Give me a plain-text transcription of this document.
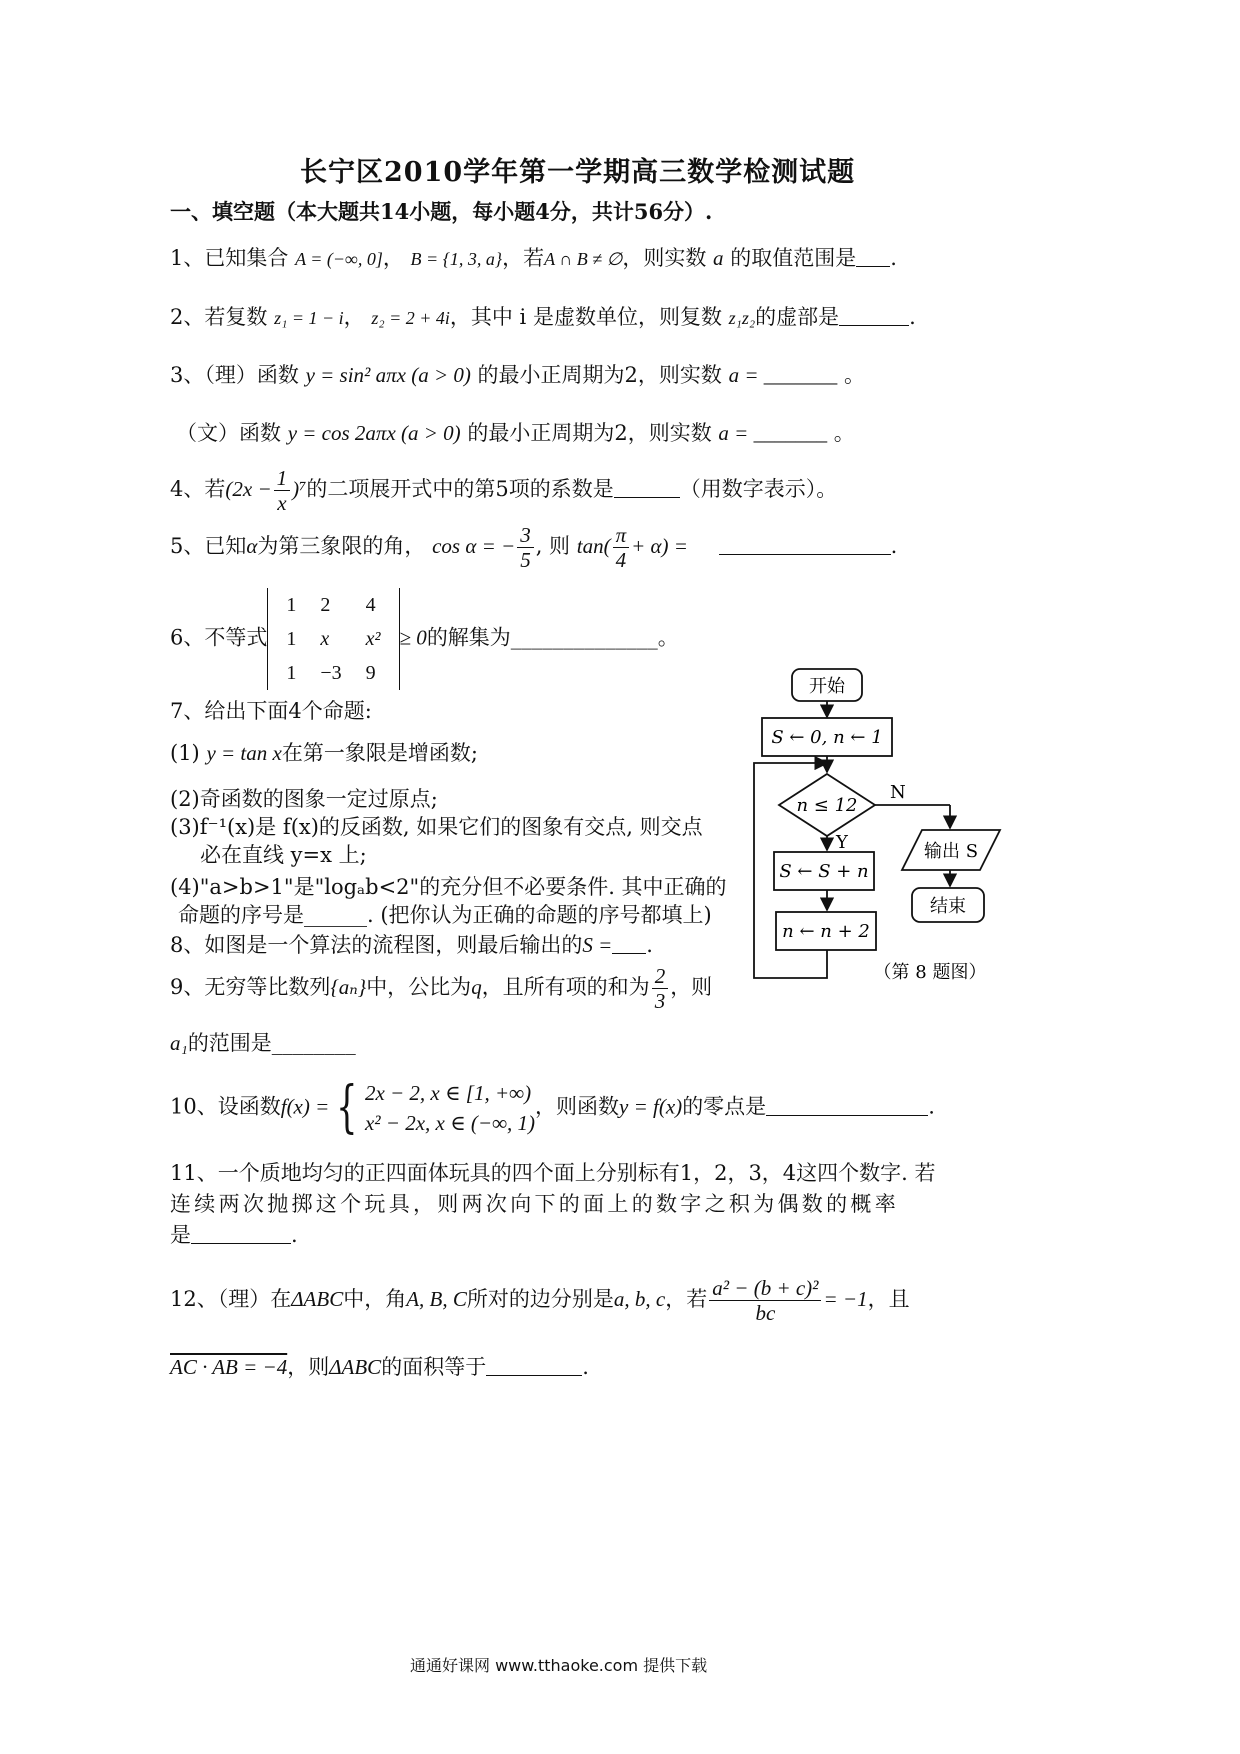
长宁区2010学年第一学期高三数学检测试题
一、填空题（本大题共14小题，每小题4分，共计56分）.
1、已知集合 A = (−∞, 0]， B = {1, 3, a}，若A ∩ B ≠ ∅，则实数 a 的取值范围是 .
2、若复数 z₁ = 1 − i， z₂ = 2 + 4i，其中 i 是虚数单位，则复数 z₁z₂的虚部是	.
3、（理）函数 y = sin² aπx (a > 0) 的最小正周期为2，则实数 a = _______ 。
（文）函数 y = cos 2aπx (a > 0) 的最小正周期为2，则实数 a = _______ 。
4、若$(2x - \frac{1}{x} )^7$的二项展开式中的第5项的系数是	（用数字表示）。
5、已知α为第三象限的角， cos α = − $\frac{3}{5}$ , 则 $\tan( \frac{\pi}{4} + \alpha)$ =	.
6、不等式
1	2	4
1	x	x²
1	−3	9
≥ 0的解集为______________。
7、给出下面4个命题:
(1) y = tan x在第一象限是增函数;
(2)奇函数的图象一定过原点;
(3)f⁻¹(x)是 f(x)的反函数, 如果它们的图象有交点, 则交点
必在直线 y=x 上;
(4)"a>b>1"是"logₐb<2"的充分但不必要条件. 其中正确的
命题的序号是______. (把你认为正确的命题的序号都填上)
8、如图是一个算法的流程图，则最后输出的S = .
9、无穷等比数列{aₙ}中，公比为q，且所有项的和为 $\frac{2}{3}$ ，则
a₁的范围是________
10、设函数f(x) = { 2x − 2, x ∈ [1, +∞)
x² − 2x, x ∈ (−∞, 1)
，则函数y = f(x)的零点是	.
11、一个质地均匀的正四面体玩具的四个面上分别标有1，2，3，4这四个数字. 若
连续两次抛掷这个玩具，则两次向下的面上的数字之积为偶数的概率
是	.
12、（理）在ΔABC中，角A, B, C所对的边分别是a, b, c，若 $\frac{\text{a² − (b + c)²}}{bc} = -1$，且
AC · AB = −4，则ΔABC的面积等于	.
开始
S ← 0, n ← 1
n ≤ 12
N
Y
S ← S + n
n ← n + 2
输出 S
结束
（第 8 题图）
通通好课网 www.tthaoke.com 提供下载
